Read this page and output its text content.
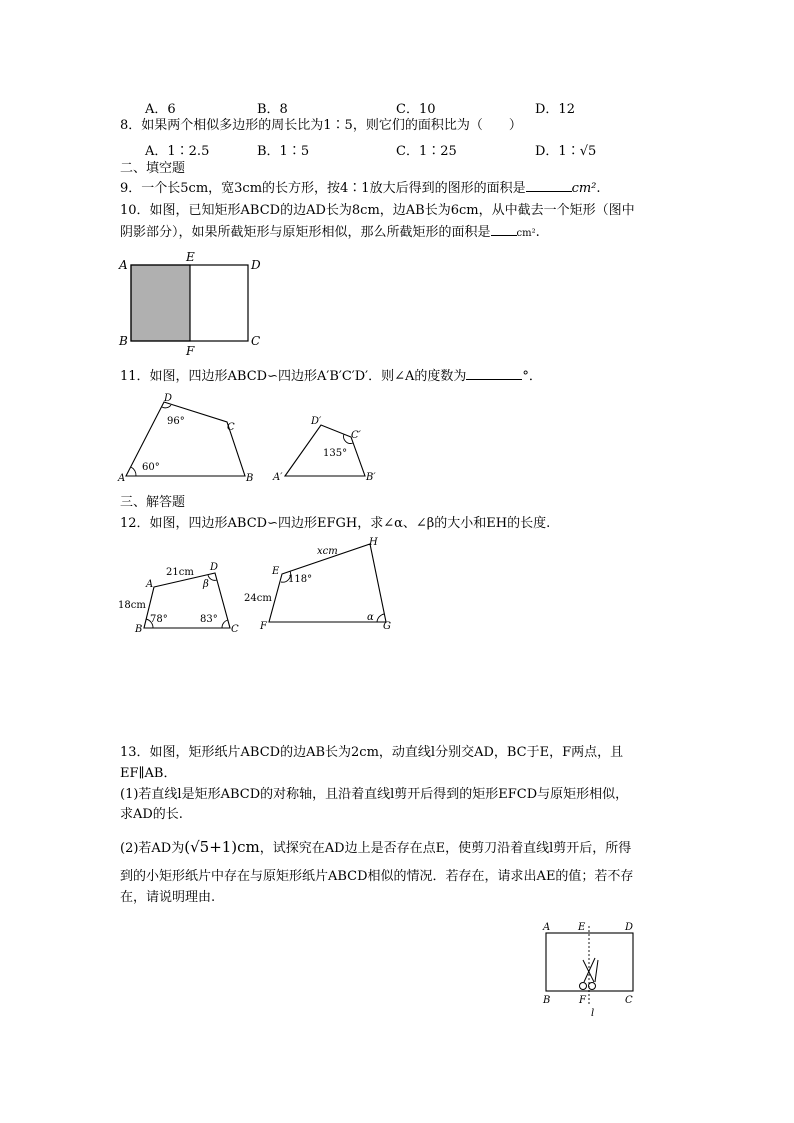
A．6	B．8	C．10	D．12
8．如果两个相似多边形的周长比为1∶5，则它们的面积比为（　　）
A．1∶2.5	B．1∶5	C．1∶25	D．1∶√5
二、填空题
9．一个长5cm，宽3cm的长方形，按4∶1放大后得到的图形的面积是	cm².
10．如图，已知矩形ABCD的边AD长为8cm，边AB长为6cm，从中截去一个矩形（图中
阴影部分），如果所截矩形与原矩形相似，那么所截矩形的面积是	cm².
A
E
D
B
F
C
11．如图，四边形ABCD∽四边形A′B′C′D′．则∠A的度数为	°．
D
C
A	B
96°
60°
D′
C′
A′	B′
135°
三、解答题
12．如图，四边形ABCD∽四边形EFGH，求∠α、∠β的大小和EH的长度.
A
D
B	C
21cm
18cm
78°	83°
β
E
H
F	G
xcm
24cm
118°
α
13．如图，矩形纸片ABCD的边AB长为2cm，动直线l分别交AD，BC于E，F两点，且
EF∥AB．
(1)若直线l是矩形ABCD的对称轴，且沿着直线l剪开后得到的矩形EFCD与原矩形相似，
求AD的长.
(2)若AD为(√5+1)cm，试探究在AD边上是否存在点E，使剪刀沿着直线l剪开后，所得
到的小矩形纸片中存在与原矩形纸片ABCD相似的情况．若存在，请求出AE的值；若不存
在，请说明理由.
A	E	D
B	F	C
l
